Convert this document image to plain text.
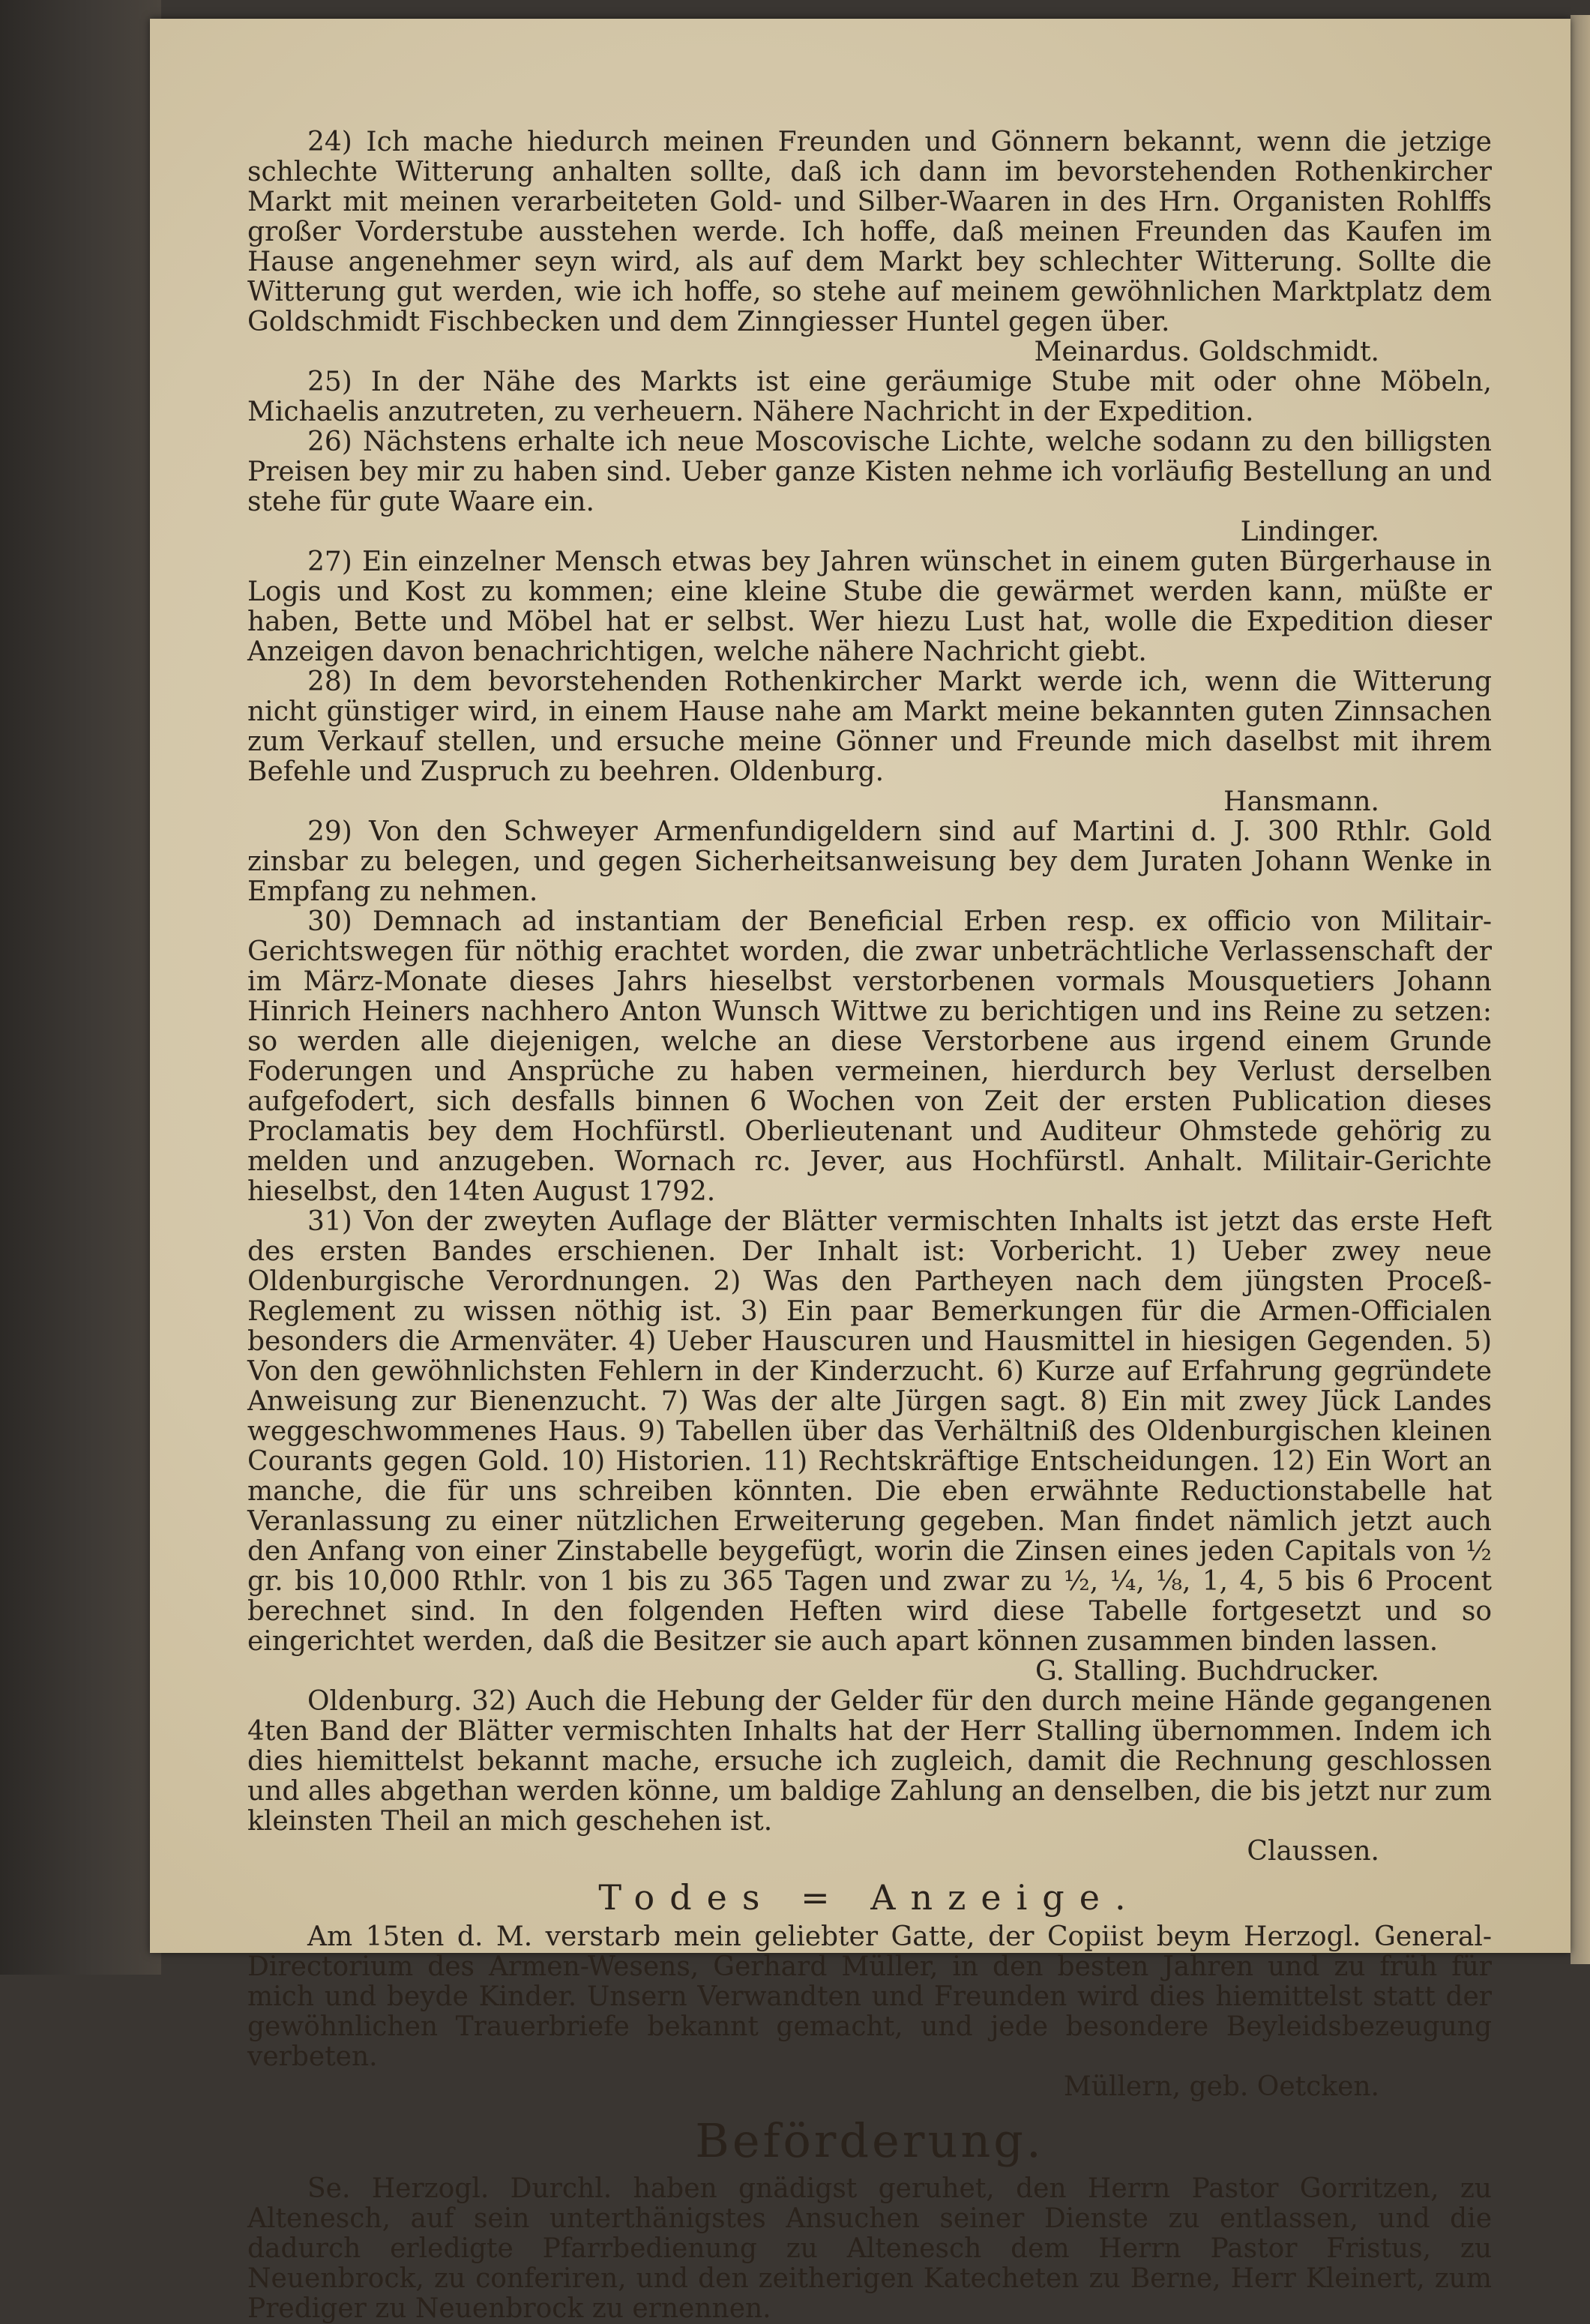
24) Ich mache hiedurch meinen Freunden und Gönnern bekannt, wenn die jetzige schlechte Witterung anhalten sollte, daß ich dann im bevorstehenden Rothenkircher Markt mit meinen verarbeiteten Gold- und Silber-Waaren in des Hrn. Organisten Rohlffs großer Vorderstube ausstehen werde. Ich hoffe, daß meinen Freunden das Kaufen im Hause angenehmer seyn wird, als auf dem Markt bey schlechter Witterung. Sollte die Witterung gut werden, wie ich hoffe, so stehe auf meinem gewöhnlichen Marktplatz dem Goldschmidt Fischbecken und dem Zinngiesser Huntel gegen über.

Meinardus. Goldschmidt.

25) In der Nähe des Markts ist eine geräumige Stube mit oder ohne Möbeln, Michaelis anzutreten, zu verheuern. Nähere Nachricht in der Expedition.

26) Nächstens erhalte ich neue Moscovische Lichte, welche sodann zu den billigsten Preisen bey mir zu haben sind. Ueber ganze Kisten nehme ich vorläufig Bestellung an und stehe für gute Waare ein.

Lindinger.

27) Ein einzelner Mensch etwas bey Jahren wünschet in einem guten Bürgerhause in Logis und Kost zu kommen; eine kleine Stube die gewärmet werden kann, müßte er haben, Bette und Möbel hat er selbst. Wer hiezu Lust hat, wolle die Expedition dieser Anzeigen davon benachrichtigen, welche nähere Nachricht giebt.

28) In dem bevorstehenden Rothenkircher Markt werde ich, wenn die Witterung nicht günstiger wird, in einem Hause nahe am Markt meine bekannten guten Zinnsachen zum Verkauf stellen, und ersuche meine Gönner und Freunde mich daselbst mit ihrem Befehle und Zuspruch zu beehren. Oldenburg.

Hansmann.

29) Von den Schweyer Armenfundigeldern sind auf Martini d. J. 300 Rthlr. Gold zinsbar zu belegen, und gegen Sicherheitsanweisung bey dem Juraten Johann Wenke in Empfang zu nehmen.

30) Demnach ad instantiam der Beneficial Erben resp. ex officio von Militair-Gerichtswegen für nöthig erachtet worden, die zwar unbeträchtliche Verlassenschaft der im März-Monate dieses Jahrs hieselbst verstorbenen vormals Mousquetiers Johann Hinrich Heiners nachhero Anton Wunsch Wittwe zu berichtigen und ins Reine zu setzen: so werden alle diejenigen, welche an diese Verstorbene aus irgend einem Grunde Foderungen und Ansprüche zu haben vermeinen, hierdurch bey Verlust derselben aufgefodert, sich desfalls binnen 6 Wochen von Zeit der ersten Publication dieses Proclamatis bey dem Hochfürstl. Oberlieutenant und Auditeur Ohmstede gehörig zu melden und anzugeben. Wornach rc. Jever, aus Hochfürstl. Anhalt. Militair-Gerichte hieselbst, den 14ten August 1792.

31) Von der zweyten Auflage der Blätter vermischten Inhalts ist jetzt das erste Heft des ersten Bandes erschienen. Der Inhalt ist: Vorbericht. 1) Ueber zwey neue Oldenburgische Verordnungen. 2) Was den Partheyen nach dem jüngsten Proceß-Reglement zu wissen nöthig ist. 3) Ein paar Bemerkungen für die Armen-Officialen besonders die Armenväter. 4) Ueber Hauscuren und Hausmittel in hiesigen Gegenden. 5) Von den gewöhnlichsten Fehlern in der Kinderzucht. 6) Kurze auf Erfahrung gegründete Anweisung zur Bienenzucht. 7) Was der alte Jürgen sagt. 8) Ein mit zwey Jück Landes weggeschwommenes Haus. 9) Tabellen über das Verhältniß des Oldenburgischen kleinen Courants gegen Gold. 10) Historien. 11) Rechtskräftige Entscheidungen. 12) Ein Wort an manche, die für uns schreiben könnten. Die eben erwähnte Reductionstabelle hat Veranlassung zu einer nützlichen Erweiterung gegeben. Man findet nämlich jetzt auch den Anfang von einer Zinstabelle beygefügt, worin die Zinsen eines jeden Capitals von ½ gr. bis 10,000 Rthlr. von 1 bis zu 365 Tagen und zwar zu ½, ¼, ⅛, 1, 4, 5 bis 6 Procent berechnet sind. In den folgenden Heften wird diese Tabelle fortgesetzt und so eingerichtet werden, daß die Besitzer sie auch apart können zusammen binden lassen.

G. Stalling. Buchdrucker.

Oldenburg. 32) Auch die Hebung der Gelder für den durch meine Hände gegangenen 4ten Band der Blätter vermischten Inhalts hat der Herr Stalling übernommen. Indem ich dies hiemittelst bekannt mache, ersuche ich zugleich, damit die Rechnung geschlossen und alles abgethan werden könne, um baldige Zahlung an denselben, die bis jetzt nur zum kleinsten Theil an mich geschehen ist.

Claussen.

Todes = Anzeige.

Am 15ten d. M. verstarb mein geliebter Gatte, der Copiist beym Herzogl. General-Directorium des Armen-Wesens, Gerhard Müller, in den besten Jahren und zu früh für mich und beyde Kinder. Unsern Verwandten und Freunden wird dies hiemittelst statt der gewöhnlichen Trauerbriefe bekannt gemacht, und jede besondere Beyleidsbezeugung verbeten.

Müllern, geb. Oetcken.

Beförderung.

Se. Herzogl. Durchl. haben gnädigst geruhet, den Herrn Pastor Gorritzen, zu Altenesch, auf sein unterthänigstes Ansuchen seiner Dienste zu entlassen, und die dadurch erledigte Pfarrbedienung zu Altenesch dem Herrn Pastor Fristus, zu Neuenbrock, zu conferiren, und den zeitherigen Katecheten zu Berne, Herr Kleinert, zum Prediger zu Neuenbrock zu ernennen.
